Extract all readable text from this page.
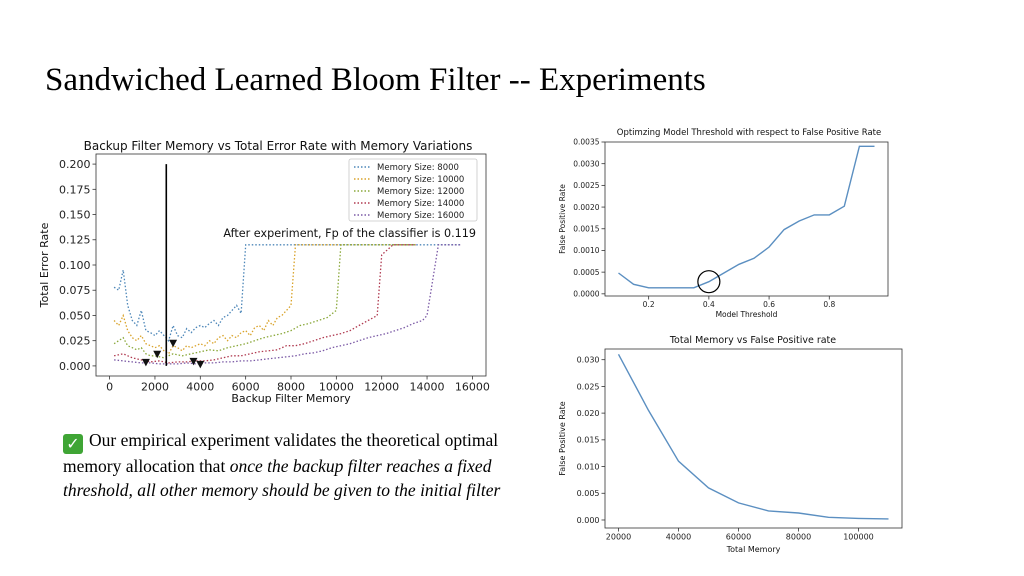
Sandwiched Learned Bloom Filter -- Experiments
Backup Filter Memory vs Total Error Rate with Memory Variations
0	2000 4000 6000 8000 10000 12000 14000 16000
0.000
0.025
0.050
0.075
0.100
0.125
0.150
0.175
0.200
Backup Filter Memory
Total Error Rate	After experiment, Fp of the classifier is 0.119
Memory Size: 8000
Memory Size: 10000
Memory Size: 12000
Memory Size: 14000
Memory Size: 16000
Optimzing Model Threshold with respect to False Positive Rate
0.2	0.4	0.6	0.8
0.0000
0.0005
0.0010
0.0015
0.0020
0.0025
0.0030
0.0035
Model Threshold
False Positive Rate
Total Memory vs False Positive rate
20000	40000	60000	80000	100000
0.000
0.005
0.010
0.015
0.020
0.025
0.030
Total Memory
False Positive Rate
✓ Our empirical experiment validates the theoretical optimal memory allocation that once the backup filter reaches a fixed threshold, all other memory should be given to the initial filter
